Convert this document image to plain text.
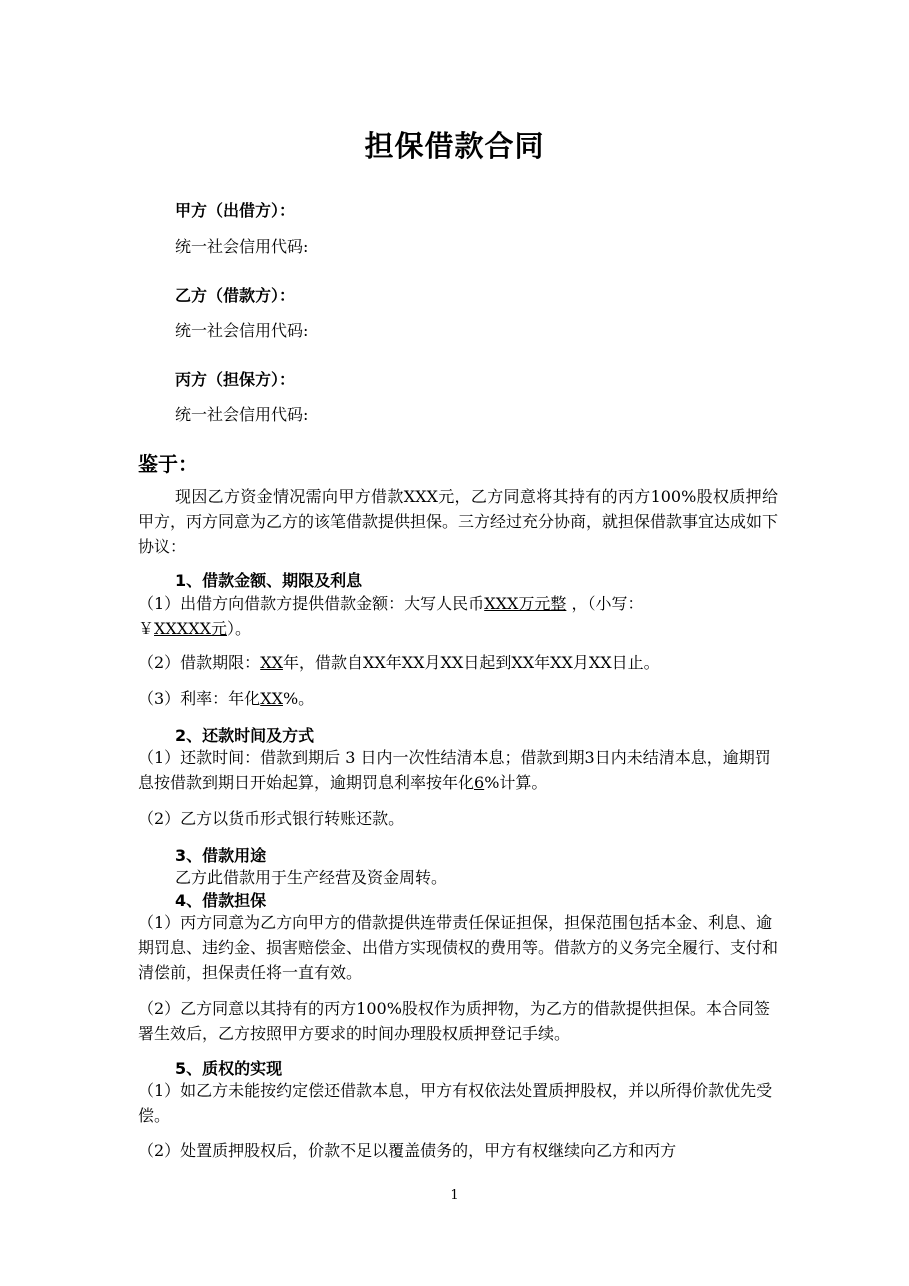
担保借款合同
甲方（出借方）：
统一社会信用代码:
乙方（借款方）：
统一社会信用代码:
丙方（担保方）：
统一社会信用代码:
鉴于：
现因乙方资金情况需向甲方借款XXX元，乙方同意将其持有的丙方100%股权质押给甲方，丙方同意为乙方的该笔借款提供担保。三方经过充分协商，就担保借款事宜达成如下协议：
1、借款金额、期限及利息
（1）出借方向借款方提供借款金额：大写人民币XXX万元整 ，（小写：
￥XXXXX元）。
（2）借款期限：XX年，借款自XX年XX月XX日起到XX年XX月XX日止。
（3）利率：年化XX%。
2、还款时间及方式
（1）还款时间：借款到期后 3 日内一次性结清本息；借款到期3日内未结清本息，逾期罚息按借款到期日开始起算，逾期罚息利率按年化6%计算。
（2）乙方以货币形式银行转账还款。
3、借款用途
乙方此借款用于生产经营及资金周转。
4、借款担保
（1）丙方同意为乙方向甲方的借款提供连带责任保证担保，担保范围包括本金、利息、逾期罚息、违约金、损害赔偿金、出借方实现债权的费用等。借款方的义务完全履行、支付和清偿前，担保责任将一直有效。
（2）乙方同意以其持有的丙方100%股权作为质押物，为乙方的借款提供担保。本合同签署生效后，乙方按照甲方要求的时间办理股权质押登记手续。
5、质权的实现
（1）如乙方未能按约定偿还借款本息，甲方有权依法处置质押股权，并以所得价款优先受偿。
（2）处置质押股权后，价款不足以覆盖债务的，甲方有权继续向乙方和丙方
1
